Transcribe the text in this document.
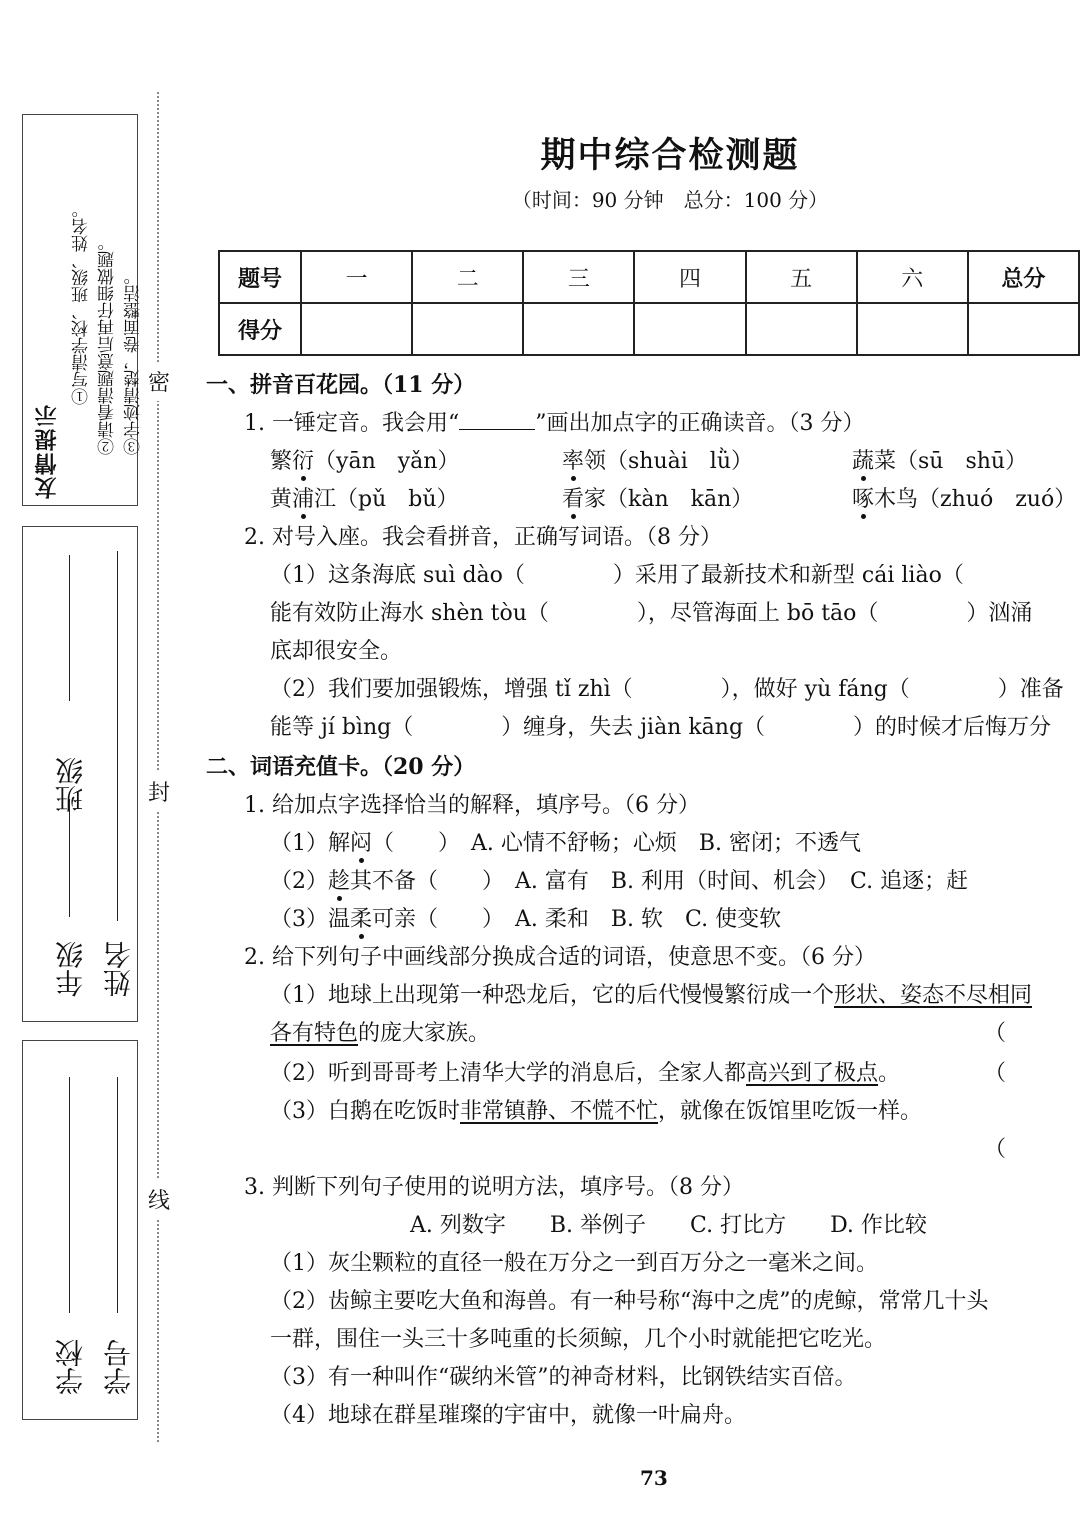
友情提示
①写清学校、班级、姓名。 ②请看清题意后再仔细做题。 ③字迹清楚，卷面整洁。
年级
班级
姓名
学校 学号
密
封
线
期中综合检测题
（时间：90 分钟　总分：100 分）
题号	一	二	三	四	五	六	总分
得分							
一、拼音百花园。（11 分）
1. 一锤定音。我会用“	”画出加点字的正确读音。（3 分）
繁衍（yān　yǎn）	率领（shuài　lǜ）	蔬菜（sū　shū）
黄浦江（pǔ　bǔ）	看家（kàn　kān）	啄木鸟（zhuó　zuó）
2. 对号入座。我会看拼音，正确写词语。（8 分）
（1）这条海底 suì dào（　　　　）采用了最新技术和新型 cái liào（
能有效防止海水 shèn tòu（　　　　），尽管海面上 bō tāo（　　　　）汹涌
底却很安全。
（2）我们要加强锻炼，增强 tǐ zhì（　　　　），做好 yù fáng（　　　　）准备
能等 jí bìng（　　　　）缠身，失去 jiàn kāng（　　　　）的时候才后悔万分
二、词语充值卡。（20 分）
1. 给加点字选择恰当的解释，填序号。（6 分）
（1）解闷（　　）　A. 心情不舒畅；心烦　B. 密闭；不透气
（2）趁其不备（　　）　A. 富有　B. 利用（时间、机会）　C. 追逐；赶
（3）温柔可亲（　　）　A. 柔和　B. 软　C. 使变软
2. 给下列句子中画线部分换成合适的词语，使意思不变。（6 分）
（1）地球上出现第一种恐龙后，它的后代慢慢繁衍成一个形状、姿态不尽相同
各有特色的庞大家族。	（
（2）听到哥哥考上清华大学的消息后，全家人都高兴到了极点。	（
（3）白鹅在吃饭时非常镇静、不慌不忙，就像在饭馆里吃饭一样。
（
3. 判断下列句子使用的说明方法，填序号。（8 分）
A. 列数字　　B. 举例子　　C. 打比方　　D. 作比较
（1）灰尘颗粒的直径一般在万分之一到百万分之一毫米之间。
（2）齿鲸主要吃大鱼和海兽。有一种号称“海中之虎”的虎鲸，常常几十头
一群，围住一头三十多吨重的长须鲸，几个小时就能把它吃光。
（3）有一种叫作“碳纳米管”的神奇材料，比钢铁结实百倍。
（4）地球在群星璀璨的宇宙中，就像一叶扁舟。
73
